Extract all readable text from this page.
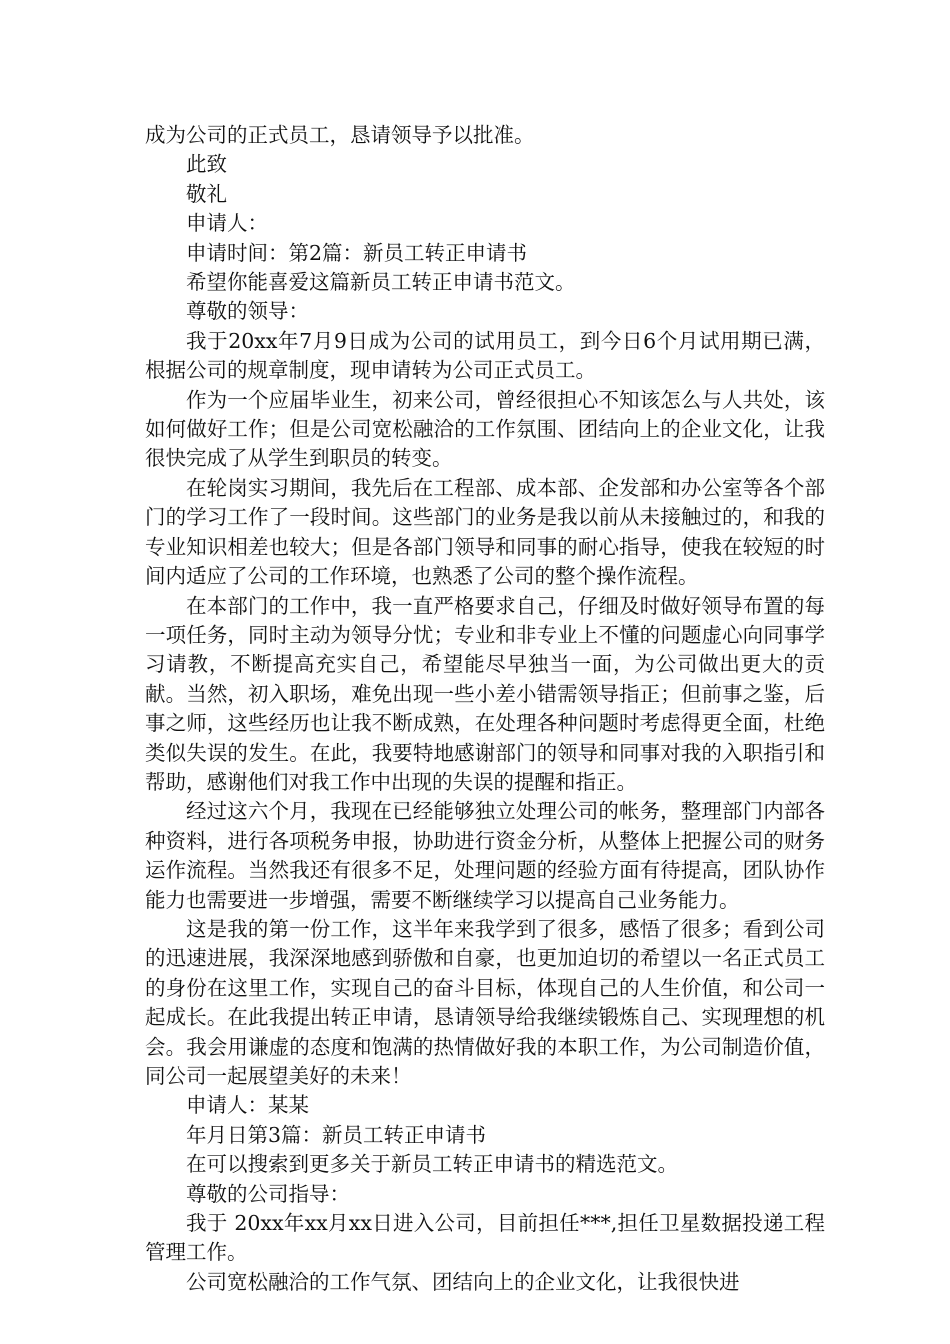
成为公司的正式员工，恳请领导予以批准。

此致

敬礼

申请人：

申请时间：第2篇：新员工转正申请书

希望你能喜爱这篇新员工转正申请书范文。

尊敬的领导：

我于20xx年7月9日成为公司的试用员工，到今日6个月试用期已满，根据公司的规章制度，现申请转为公司正式员工。

作为一个应届毕业生，初来公司，曾经很担心不知该怎么与人共处，该如何做好工作；但是公司宽松融洽的工作氛围、团结向上的企业文化，让我很快完成了从学生到职员的转变。

在轮岗实习期间，我先后在工程部、成本部、企发部和办公室等各个部门的学习工作了一段时间。这些部门的业务是我以前从未接触过的，和我的专业知识相差也较大；但是各部门领导和同事的耐心指导，使我在较短的时间内适应了公司的工作环境，也熟悉了公司的整个操作流程。

在本部门的工作中，我一直严格要求自己，仔细及时做好领导布置的每一项任务，同时主动为领导分忧；专业和非专业上不懂的问题虚心向同事学习请教，不断提高充实自己，希望能尽早独当一面，为公司做出更大的贡献。当然，初入职场，难免出现一些小差小错需领导指正；但前事之鉴，后事之师，这些经历也让我不断成熟，在处理各种问题时考虑得更全面，杜绝类似失误的发生。在此，我要特地感谢部门的领导和同事对我的入职指引和帮助，感谢他们对我工作中出现的失误的提醒和指正。

经过这六个月，我现在已经能够独立处理公司的帐务，整理部门内部各种资料，进行各项税务申报，协助进行资金分析，从整体上把握公司的财务运作流程。当然我还有很多不足，处理问题的经验方面有待提高，团队协作能力也需要进一步增强，需要不断继续学习以提高自己业务能力。

这是我的第一份工作，这半年来我学到了很多，感悟了很多；看到公司的迅速进展，我深深地感到骄傲和自豪，也更加迫切的希望以一名正式员工的身份在这里工作，实现自己的奋斗目标，体现自己的人生价值，和公司一起成长。在此我提出转正申请，恳请领导给我继续锻炼自己、实现理想的机会。我会用谦虚的态度和饱满的热情做好我的本职工作，为公司制造价值，同公司一起展望美好的未来！

申请人：某某

年月日第3篇：新员工转正申请书

在可以搜索到更多关于新员工转正申请书的精选范文。

尊敬的公司指导：

我于 20xx年xx月xx日进入公司，目前担任***,担任卫星数据投递工程管理工作。

公司宽松融洽的工作气氛、团结向上的企业文化，让我很快进
